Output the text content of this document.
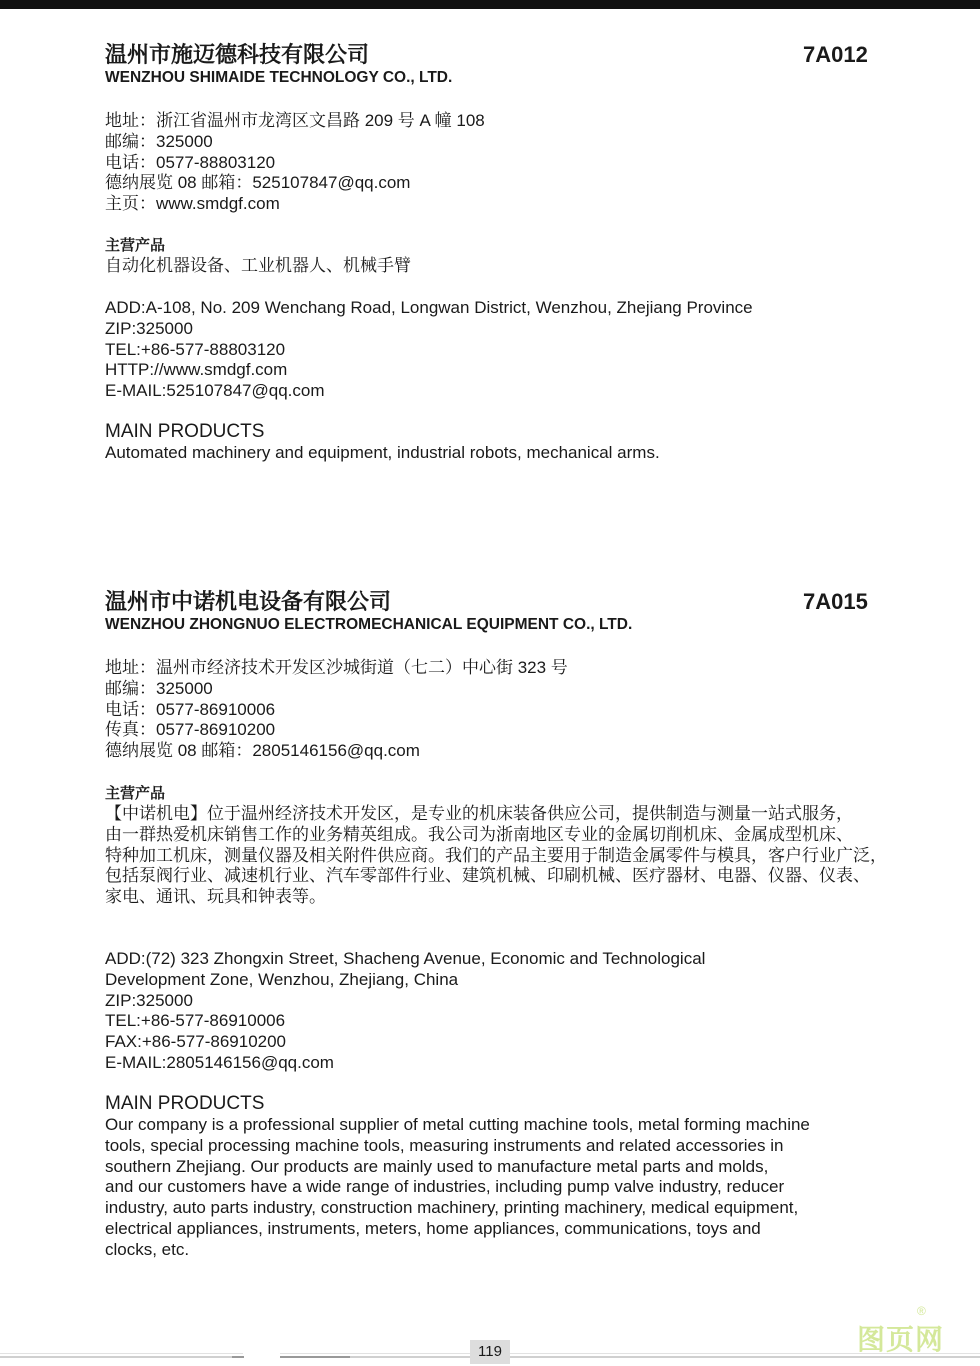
温州市施迈德科技有限公司	7A012
WENZHOU SHIMAIDE TECHNOLOGY CO., LTD.
地址：浙江省温州市龙湾区文昌路 209 号 A 幢 108
邮编：325000
电话：0577-88803120
德纳展览 08 邮箱：525107847@qq.com
主页：www.smdgf.com
主营产品
自动化机器设备、工业机器人、机械手臂
ADD:A-108, No. 209 Wenchang Road, Longwan District, Wenzhou, Zhejiang Province
ZIP:325000
TEL:+86-577-88803120
HTTP://www.smdgf.com
E-MAIL:525107847@qq.com
MAIN PRODUCTS
Automated machinery and equipment, industrial robots, mechanical arms.
温州市中诺机电设备有限公司	7A015
WENZHOU ZHONGNUO ELECTROMECHANICAL EQUIPMENT CO., LTD.
地址：温州市经济技术开发区沙城街道（七二）中心街 323 号
邮编：325000
电话：0577-86910006
传真：0577-86910200
德纳展览 08 邮箱：2805146156@qq.com
主营产品
【中诺机电】位于温州经济技术开发区，是专业的机床装备供应公司，提供制造与测量一站式服务，
由一群热爱机床销售工作的业务精英组成。我公司为浙南地区专业的金属切削机床、金属成型机床、
特种加工机床，测量仪器及相关附件供应商。我们的产品主要用于制造金属零件与模具，客户行业广泛，
包括泵阀行业、减速机行业、汽车零部件行业、建筑机械、印刷机械、医疗器材、电器、仪器、仪表、
家电、通讯、玩具和钟表等。
ADD:(72) 323 Zhongxin Street, Shacheng Avenue, Economic and Technological
Development Zone, Wenzhou, Zhejiang, China
ZIP:325000
TEL:+86-577-86910006
FAX:+86-577-86910200
E-MAIL:2805146156@qq.com
MAIN PRODUCTS
Our company is a professional supplier of metal cutting machine tools, metal forming machine
tools, special processing machine tools, measuring instruments and related accessories in
southern Zhejiang. Our products are mainly used to manufacture metal parts and molds,
and our customers have a wide range of industries, including pump valve industry, reducer
industry, auto parts industry, construction machinery, printing machinery, medical equipment,
electrical appliances, instruments, meters, home appliances, communications, toys and
clocks, etc.
119	图页网
®
